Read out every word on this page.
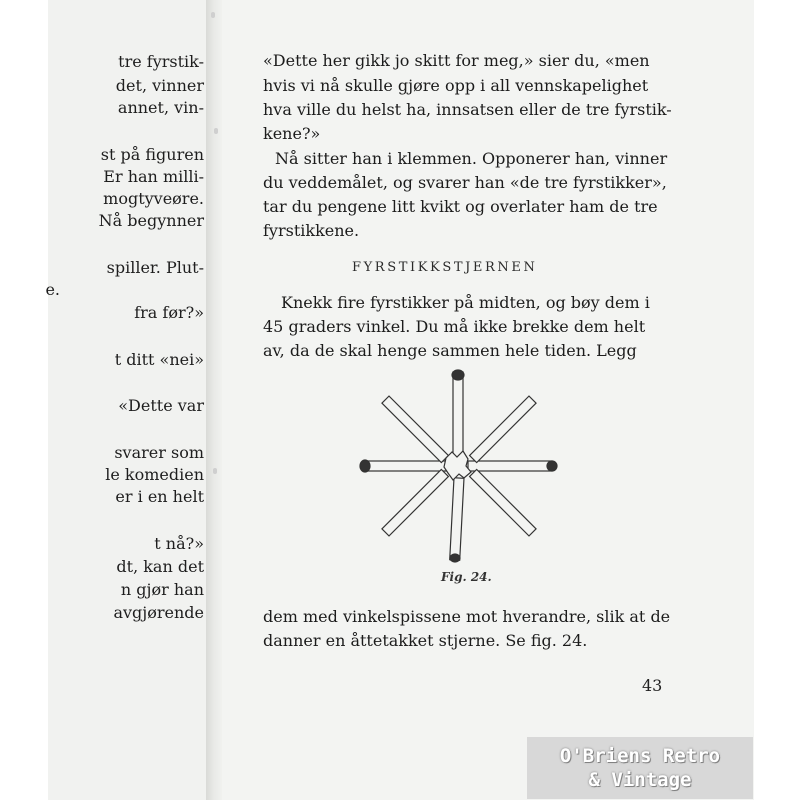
tre fyrstik-
det, vinner
annet, vin-
st på figuren
Er han milli-
mogtyveøre.
Nå begynner
spiller. Plut-
e.
fra før?»
t ditt «nei»
«Dette var
svarer som
le komedien
er i en helt
t nå?»
dt, kan det
n gjør han
avgjørende
«Dette her gikk jo skitt for meg,» sier du, «men
hvis vi nå skulle gjøre opp i all vennskapelighet
hva ville du helst ha, innsatsen eller de tre fyrstik-
kene?»
Nå sitter han i klemmen. Opponerer han, vinner
du veddemålet, og svarer han «de tre fyrstikker»,
tar du pengene litt kvikt og overlater ham de tre
fyrstikkene.
Knekk fire fyrstikker på midten, og bøy dem i
45 graders vinkel. Du må ikke brekke dem helt
av, da de skal henge sammen hele tiden. Legg
dem med vinkelspissene mot hverandre, slik at de
danner en åttetakket stjerne. Se fig. 24.
FYRSTIKKSTJERNEN
Fig. 24.
43
O'Briens Retro
& Vintage
